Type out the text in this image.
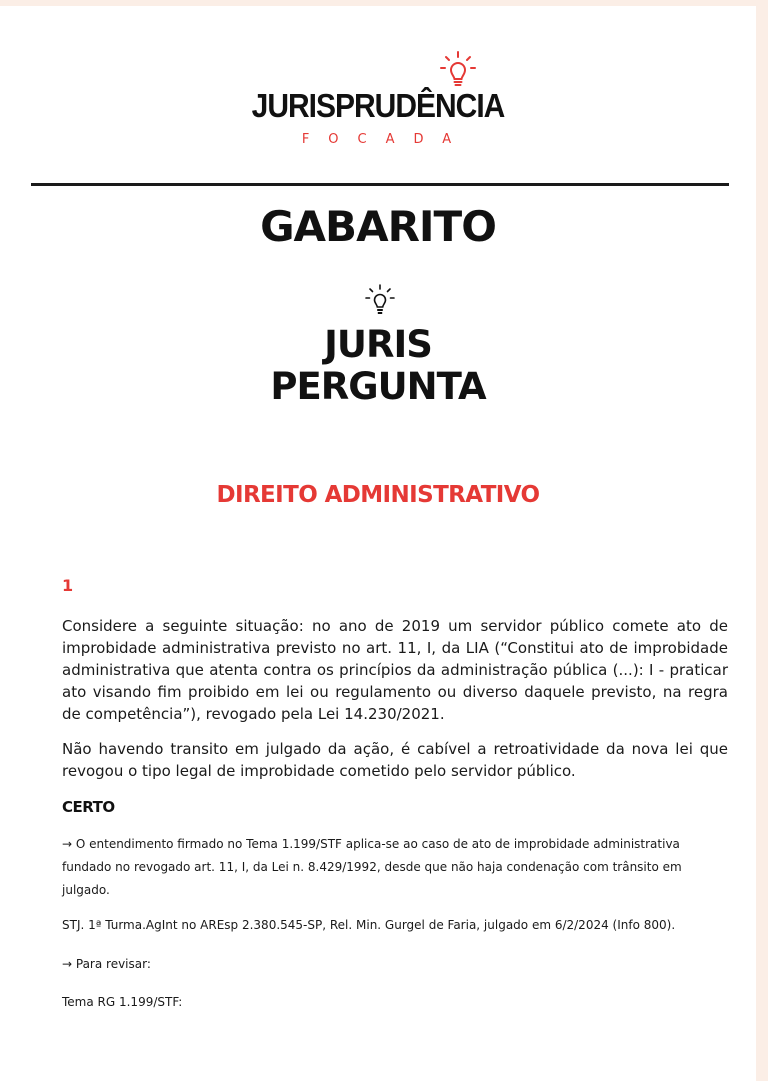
JURISPRUDÊNCIA
FOCADA
GABARITO
JURIS
PERGUNTA
DIREITO ADMINISTRATIVO
1

Considere a seguinte situação: no ano de 2019 um servidor público comete ato de improbidade administrativa previsto no art. 11, I, da LIA (“Constitui ato de improbidade administrativa que atenta contra os princípios da administração pública (...): I - praticar ato visando fim proibido em lei ou regulamento ou diverso daquele previsto, na regra de competência”), revogado pela Lei 14.230/2021.

Não havendo transito em julgado da ação, é cabível a retroatividade da nova lei que revogou o tipo legal de improbidade cometido pelo servidor público.

CERTO

→ O entendimento firmado no Tema 1.199/STF aplica-se ao caso de ato de improbidade administrativa fundado no revogado art. 11, I, da Lei n. 8.429/1992, desde que não haja condenação com trânsito em julgado.

STJ. 1ª Turma.AgInt no AREsp 2.380.545-SP, Rel. Min. Gurgel de Faria, julgado em 6/2/2024 (Info 800).

→ Para revisar:

Tema RG 1.199/STF:
